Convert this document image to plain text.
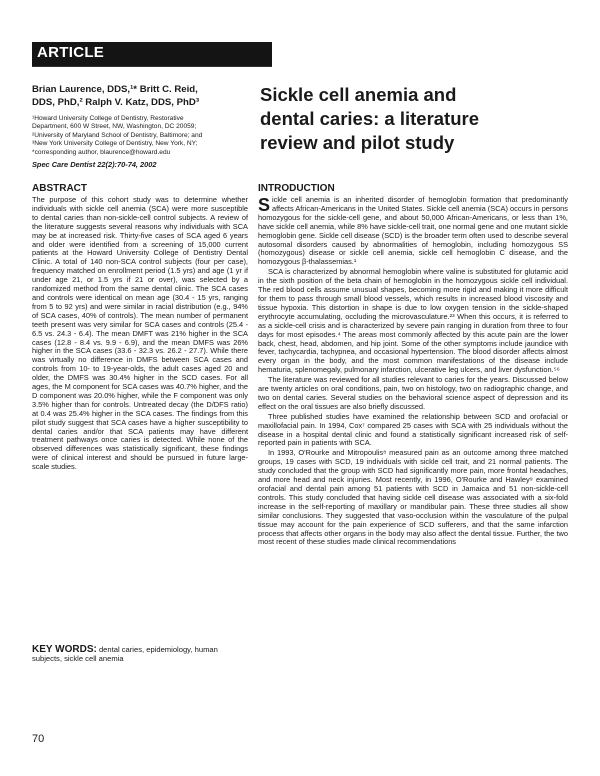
ARTICLE
Brian Laurence, DDS,¹* Britt C. Reid,
DDS, PhD,² Ralph V. Katz, DDS, PhD³
¹Howard University College of Dentistry, Restorative
Department, 600 W Street, NW, Washington, DC 20059;
²University of Maryland School of Dentistry, Baltimore; and
³New York University College of Dentistry, New York, NY;
*corresponding author, blaurence@howard.edu
Spec Care Dentist 22(2):70-74, 2002
Sickle cell anemia and
dental caries: a literature
review and pilot study
ABSTRACT

The purpose of this cohort study was to determine whether individuals with sickle cell anemia (SCA) were more susceptible to dental caries than non-sickle-cell control subjects. A review of the literature suggests several reasons why individuals with SCA may be at increased risk. Thirty-five cases of SCA aged 6 years and older were identified from a screening of 15,000 current patients at the Howard University College of Dentistry Dental Clinic. A total of 140 non-SCA control subjects (four per case), frequency matched on enrollment period (1.5 yrs) and age (1 yr if under age 21, or 1.5 yrs if 21 or over), was selected by a randomized method from the same dental clinic. The SCA cases and controls were identical on mean age (30.4 - 15 yrs, ranging from 5 to 92 yrs) and were similar in racial distribution (e.g., 94% of SCA cases, 40% of controls). The mean number of permanent teeth present was very similar for SCA cases and controls (25.4 - 6.5 vs. 24.3 - 6.4). The mean DMFT was 21% higher in the SCA cases (12.8 - 8.4 vs. 9.9 - 6.9), and the mean DMFS was 26% higher in the SCA cases (33.6 - 32.3 vs. 26.2 - 27.7). While there was virtually no difference in DMFS between SCA cases and controls from 10- to 19-year-olds, the adult cases aged 20 and older, the DMFS was 30.4% higher in the SCD cases. For all ages, the M component for SCA cases was 40.7% higher, and the D component was 20.0% higher, while the F component was only 3.5% higher than for controls. Untreated decay (the D/DFS ratio) at 0.4 was 25.4% higher in the SCA cases. The findings from this pilot study suggest that SCA cases have a higher susceptibility to dental caries and/or that SCA patients may have different treatment pathways once caries is detected. While none of the observed differences was statistically significant, these findings were of clinical interest and should be pursued in future large-scale studies.

KEY WORDS: dental caries, epidemiology, human subjects, sickle cell anemia
INTRODUCTION

Sickle cell anemia is an inherited disorder of hemoglobin formation that predominantly affects African-Americans in the United States. Sickle cell anemia (SCA) occurs in persons homozygous for the sickle-cell gene, and about 50,000 African-Americans, or less than 1%, have sickle cell anemia, while 8% have sickle-cell trait, one normal gene and one mutant sickle hemoglobin gene. Sickle cell disease (SCD) is the broader term often used to describe several autosomal disorders caused by abnormalities of hemoglobin, including homozygous SS (homozygous) disease or sickle cell anemia, sickle cell hemoglobin C disease, and the homozygous β-thalassemias.¹

SCA is characterized by abnormal hemoglobin where valine is substituted for glutamic acid in the sixth position of the beta chain of hemoglobin in the homozygous sickle cell individual. The red blood cells assume unusual shapes, becoming more rigid and making it more difficult for them to pass through small blood vessels, which results in increased blood viscosity and tissue hypoxia. This distortion in shape is due to low oxygen tension in the sickle-shaped erythrocyte accumulating, occluding the microvasculature.²³ When this occurs, it is referred to as a sickle-cell crisis and is characterized by severe pain ranging in duration from three to four days for most episodes.⁴ The areas most commonly affected by this acute pain are the lower back, chest, head, abdomen, and hip joint. Some of the other symptoms include jaundice with fever, tachycardia, tachypnea, and occasional hypertension. The blood disorder affects almost every organ in the body, and the most common manifestations of the disease include hematuria, splenomegaly, pulmonary infarction, ulcerative leg ulcers, and liver dysfunction.⁵⁶

The literature was reviewed for all studies relevant to caries for the years. Discussed below are twenty articles on oral conditions, pain, two on histology, two on radiographic change, and two on dental caries. Several studies on the behavioral science aspect of depression and its effect on the oral tissues are also briefly discussed.

Three published studies have examined the relationship between SCD and orofacial or maxillofacial pain. In 1994, Cox⁷ compared 25 cases with SCA with 25 individuals without the disease in a hospital dental clinic and found a statistically significant increased risk of self-reported pain in patients with SCA.

In 1993, O'Rourke and Mitropoulis⁸ measured pain as an outcome among three matched groups, 19 cases with SCD, 19 individuals with sickle cell trait, and 21 normal patients. The study concluded that the group with SCD had significantly more pain, more frontal headaches, and more head and neck injuries. Most recently, in 1996, O'Rourke and Hawley⁹ examined orofacial and dental pain among 51 patients with SCD in Jamaica and 51 non-sickle-cell controls. This study concluded that having sickle cell disease was associated with a six-fold increase in the self-reporting of maxillary or mandibular pain. These three studies all show similar conclusions. They suggested that vaso-occlusion within the vasculature of the pulpal tissue may account for the pain experience of SCD sufferers, and that the same infarction process that affects other organs in the body may also affect the dental tissue. Further, the two most recent of these studies made clinical recommendations

70
